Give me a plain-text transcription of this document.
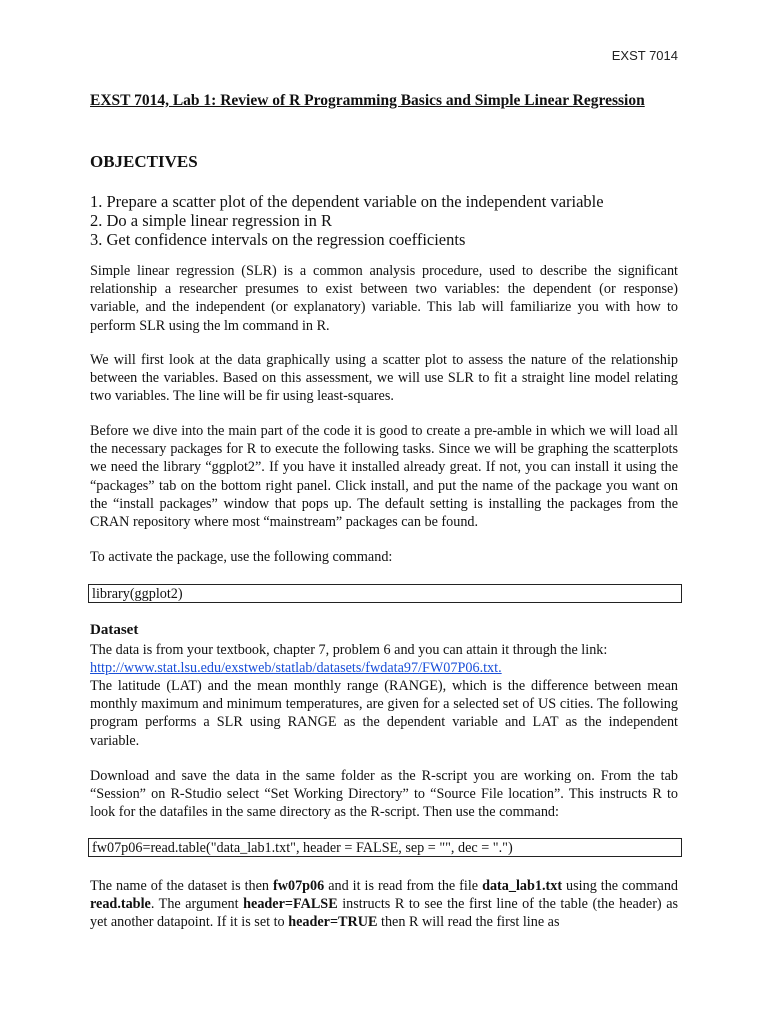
EXST 7014
EXST 7014, Lab 1: Review of R Programming Basics and Simple Linear Regression
OBJECTIVES
1. Prepare a scatter plot of the dependent variable on the independent variable
2. Do a simple linear regression in R
3. Get confidence intervals on the regression coefficients

Simple linear regression (SLR) is a common analysis procedure, used to describe the significant relationship a researcher presumes to exist between two variables: the dependent (or response) variable, and the independent (or explanatory) variable. This lab will familiarize you with how to perform SLR using the lm command in R.

We will first look at the data graphically using a scatter plot to assess the nature of the relationship between the variables. Based on this assessment, we will use SLR to fit a straight line model relating two variables. The line will be fir using least-squares.

Before we dive into the main part of the code it is good to create a pre-amble in which we will load all the necessary packages for R to execute the following tasks. Since we will be graphing the scatterplots we need the library “ggplot2”. If you have it installed already great. If not, you can install it using the “packages” tab on the bottom right panel. Click install, and put the name of the package you want on the “install packages” window that pops up. The default setting is installing the packages from the CRAN repository where most “mainstream” packages can be found.

To activate the package, use the following command:

library(ggplot2)
Dataset

The data is from your textbook, chapter 7, problem 6 and you can attain it through the link:

http://www.stat.lsu.edu/exstweb/statlab/datasets/fwdata97/FW07P06.txt.

The latitude (LAT) and the mean monthly range (RANGE), which is the difference between mean monthly maximum and minimum temperatures, are given for a selected set of US cities. The following program performs a SLR using RANGE as the dependent variable and LAT as the independent variable.

Download and save the data in the same folder as the R-script you are working on. From the tab “Session” on R-Studio select “Set Working Directory” to “Source File location”. This instructs R to look for the datafiles in the same directory as the R-script. Then use the command:

fw07p06=read.table("data_lab1.txt", header = FALSE, sep = "", dec = ".")

The name of the dataset is then fw07p06 and it is read from the file data_lab1.txt using the command read.table. The argument header=FALSE instructs R to see the first line of the table (the header) as yet another datapoint. If it is set to header=TRUE then R will read the first line as
